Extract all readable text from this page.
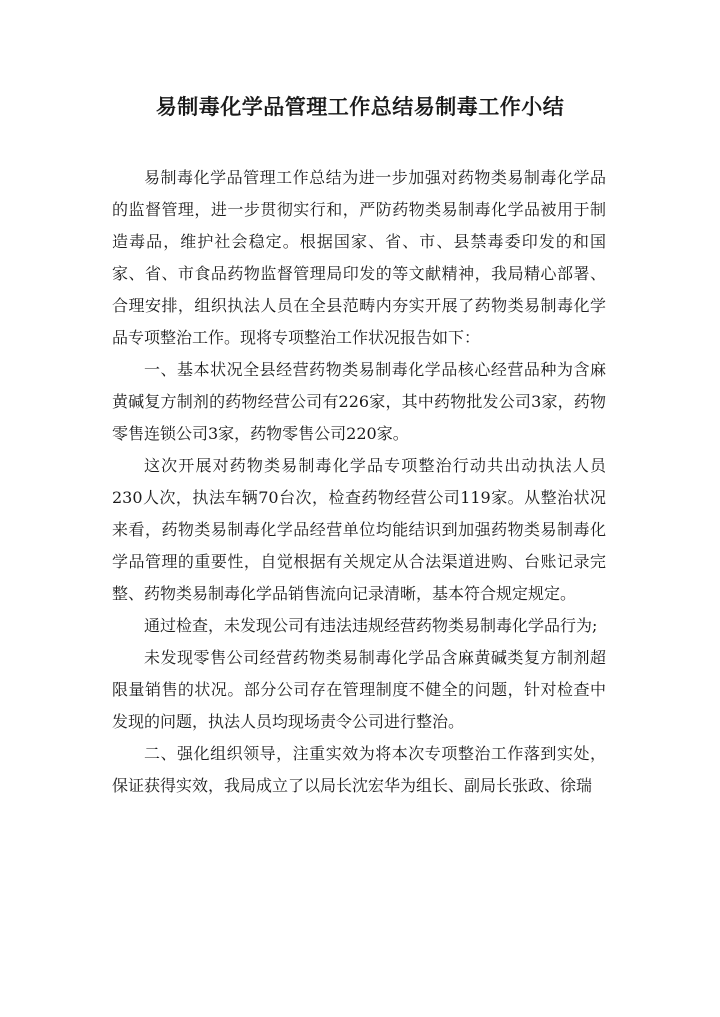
易制毒化学品管理工作总结易制毒工作小结

易制毒化学品管理工作总结为进一步加强对药物类易制毒化学品的监督管理，进一步贯彻实行和，严防药物类易制毒化学品被用于制造毒品，维护社会稳定。根据国家、省、市、县禁毒委印发的和国家、省、市食品药物监督管理局印发的等文献精神，我局精心部署、合理安排，组织执法人员在全县范畴内夯实开展了药物类易制毒化学品专项整治工作。现将专项整治工作状况报告如下：

一、基本状况全县经营药物类易制毒化学品核心经营品种为含麻黄碱复方制剂的药物经营公司有226家，其中药物批发公司3家，药物零售连锁公司3家，药物零售公司220家。

这次开展对药物类易制毒化学品专项整治行动共出动执法人员230人次，执法车辆70台次，检查药物经营公司119家。从整治状况来看，药物类易制毒化学品经营单位均能结识到加强药物类易制毒化学品管理的重要性，自觉根据有关规定从合法渠道进购、台账记录完整、药物类易制毒化学品销售流向记录清晰，基本符合规定规定。

通过检查，未发现公司有违法违规经营药物类易制毒化学品行为;

未发现零售公司经营药物类易制毒化学品含麻黄碱类复方制剂超限量销售的状况。部分公司存在管理制度不健全的问题，针对检查中发现的问题，执法人员均现场责令公司进行整治。

二、强化组织领导，注重实效为将本次专项整治工作落到实处，保证获得实效，我局成立了以局长沈宏华为组长、副局长张政、徐瑞
